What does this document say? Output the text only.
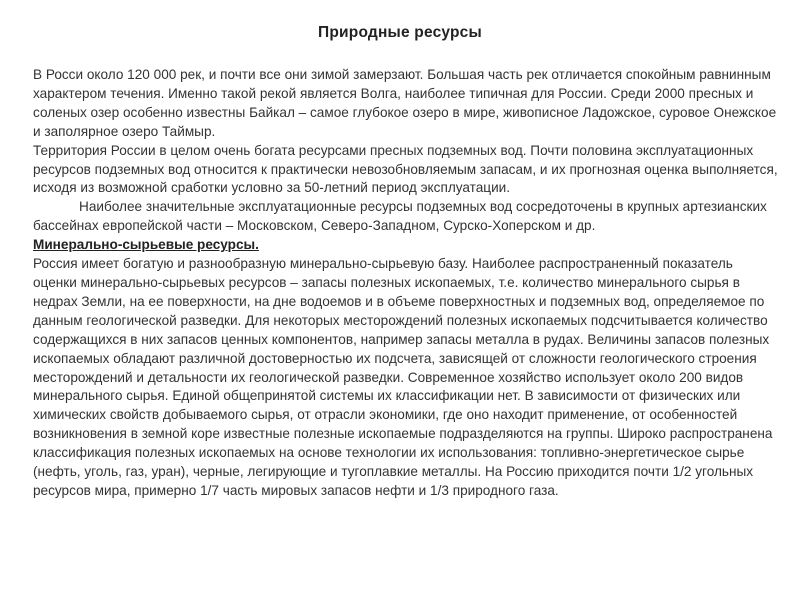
Природные ресурсы

В Росси около 120 000 рек, и почти все они зимой замерзают. Большая часть рек отличается спокойным равнинным характером течения. Именно такой рекой является Волга, наиболее типичная для России. Среди 2000 пресных и соленых озер особенно известны Байкал – самое глубокое озеро в мире, живописное Ладожское, суровое Онежское и заполярное озеро Таймыр.

Территория России в целом очень богата ресурсами пресных подземных вод. Почти половина эксплуатационных ресурсов подземных вод относится к практически невозобновляемым запасам, и их прогнозная оценка выполняется, исходя из возможной сработки условно за 50-летний период эксплуатации.

Наиболее значительные эксплуатационные ресурсы подземных вод сосредоточены в крупных артезианских бассейнах европейской части – Московском, Северо-Западном, Сурско-Хоперском и др.

Минерально-сырьевые ресурсы.

Россия имеет богатую и разнообразную минерально-сырьевую базу. Наиболее распространенный показатель оценки минерально-сырьевых ресурсов – запасы полезных ископаемых, т.е. количество минерального сырья в недрах Земли, на ее поверхности, на дне водоемов и в объеме поверхностных и подземных вод, определяемое по данным геологической разведки. Для некоторых месторождений полезных ископаемых подсчитывается количество содержащихся в них запасов ценных компонентов, например запасы металла в рудах. Величины запасов полезных ископаемых обладают различной достоверностью их подсчета, зависящей от сложности геологического строения месторождений и детальности их геологической разведки. Современное хозяйство использует около 200 видов минерального сырья. Единой общепринятой системы их классификации нет. В зависимости от физических или химических свойств добываемого сырья, от отрасли экономики, где оно находит применение, от особенностей возникновения в земной коре известные полезные ископаемые подразделяются на группы. Широко распространена классификация полезных ископаемых на основе технологии их использования: топливно-энергетическое сырье (нефть, уголь, газ, уран), черные, легирующие и тугоплавкие металлы. На Россию приходится почти 1/2 угольных ресурсов мира, примерно 1/7 часть мировых запасов нефти и 1/3 природного газа.
